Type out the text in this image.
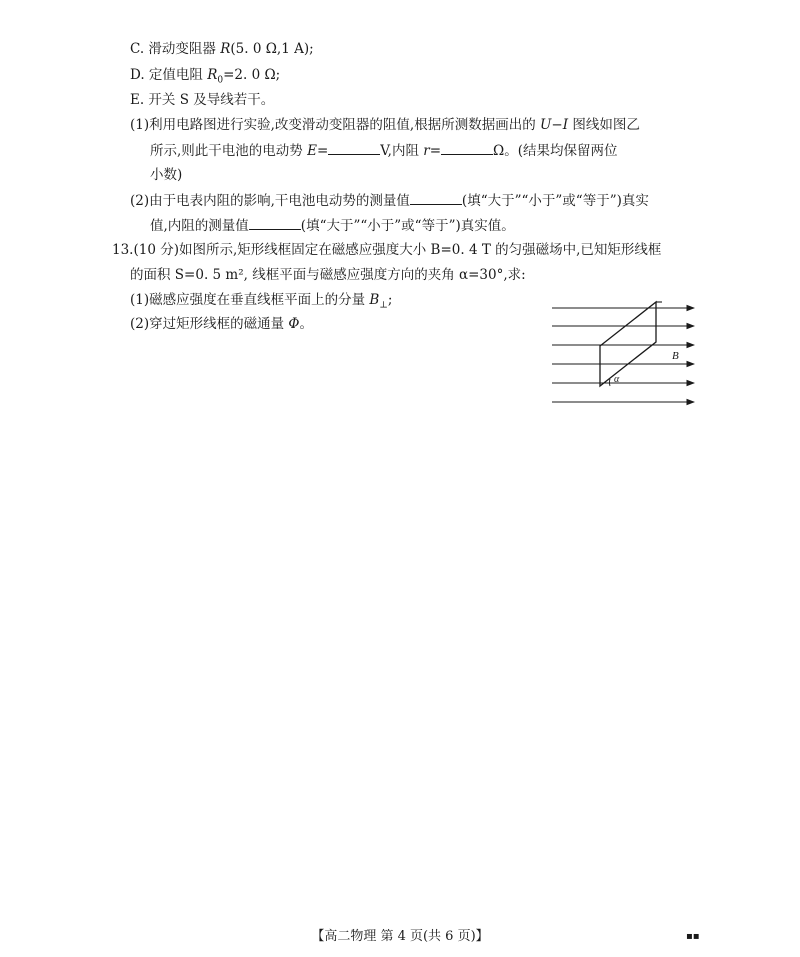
C. 滑动变阻器 R(5. 0 Ω,1 A);
D. 定值电阻 $R_0=2$. 0 Ω;
E. 开关 S 及导线若干。
(1)利用电路图进行实验,改变滑动变阻器的阻值,根据所测数据画出的 U−I 图线如图乙
所示,则此干电池的电动势 E=	V,内阻 r=	Ω。(结果均保留两位
小数)
(2)由于电表内阻的影响,干电池电动势的测量值	(填“大于”“小于”或“等于”)真实
值,内阻的测量值	(填“大于”“小于”或“等于”)真实值。
13.(10 分)如图所示,矩形线框固定在磁感应强度大小 B=0. 4 T 的匀强磁场中,已知矩形线框
的面积 S=0. 5 m², 线框平面与磁感应强度方向的夹角 α=30°,求:
(1)磁感应强度在垂直线框平面上的分量 $B_\perp$;
(2)穿过矩形线框的磁通量 Φ。
B
α
【高二物理 第 4 页(共 6 页)】	▪▪
